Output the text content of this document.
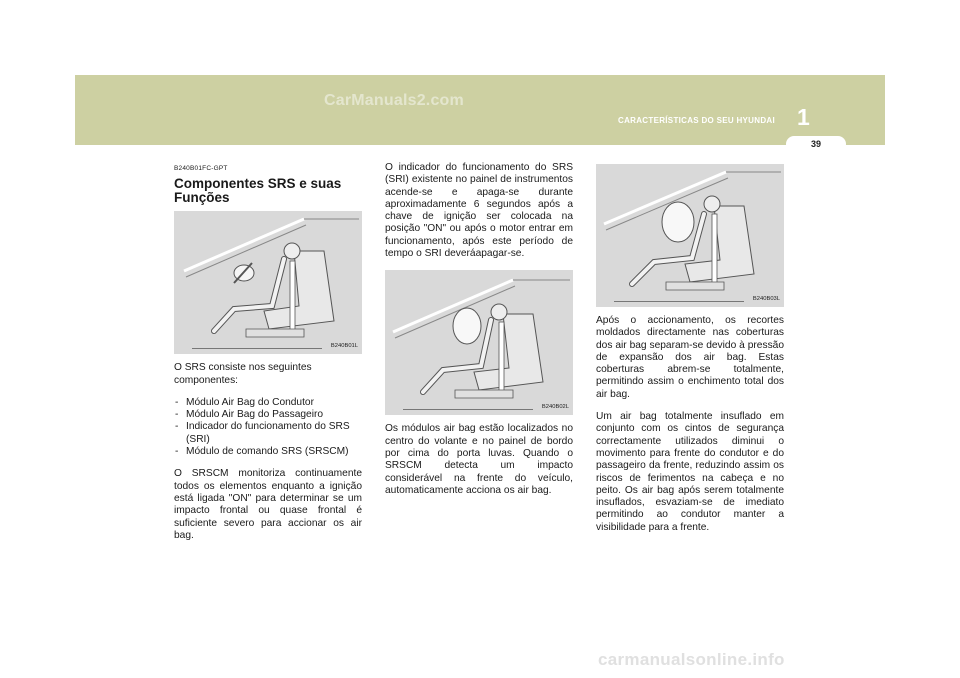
CarManuals2.com
CARACTERÍSTICAS DO SEU HYUNDAI 1
39
B240B01FC-GPT
Componentes SRS e suas Funções
B240B01L

O SRS consiste nos seguintes componentes:

- Módulo Air Bag do Condutor
- Módulo Air Bag do Passageiro
- Indicador do funcionamento do SRS (SRI)
- Módulo de comando SRS (SRSCM)

O SRSCM monitoriza continuamente todos os elementos enquanto a ignição está ligada "ON" para determinar se um impacto frontal ou quase frontal é suficiente severo para accionar os air bag.

O indicador do funcionamento do SRS (SRI) existente no painel de instrumentos acende-se e apaga-se durante aproximadamente 6 segundos após a chave de ignição ser colocada na posição "ON" ou após o motor entrar em funcionamento, após este período de tempo o SRI deveráapagar-se.

B240B02L

Os módulos air bag estão localizados no centro do volante e no painel de bordo por cima do porta luvas. Quando o SRSCM detecta um impacto considerável na frente do veículo, automaticamente acciona os air bag.

B240B03L

Após o accionamento, os recortes moldados directamente nas coberturas dos air bag separam-se devido à pressão de expansão dos air bag. Estas coberturas abrem-se totalmente, permitindo assim o enchimento total dos air bag.

Um air bag totalmente insuflado em conjunto com os cintos de segurança correctamente utilizados diminui o movimento para frente do condutor e do passageiro da frente, reduzindo assim os riscos de ferimentos na cabeça e no peito. Os air bag após serem totalmente insuflados, esvaziam-se de imediato permitindo ao condutor manter a visibilidade para a frente.

carmanualsonline.info
